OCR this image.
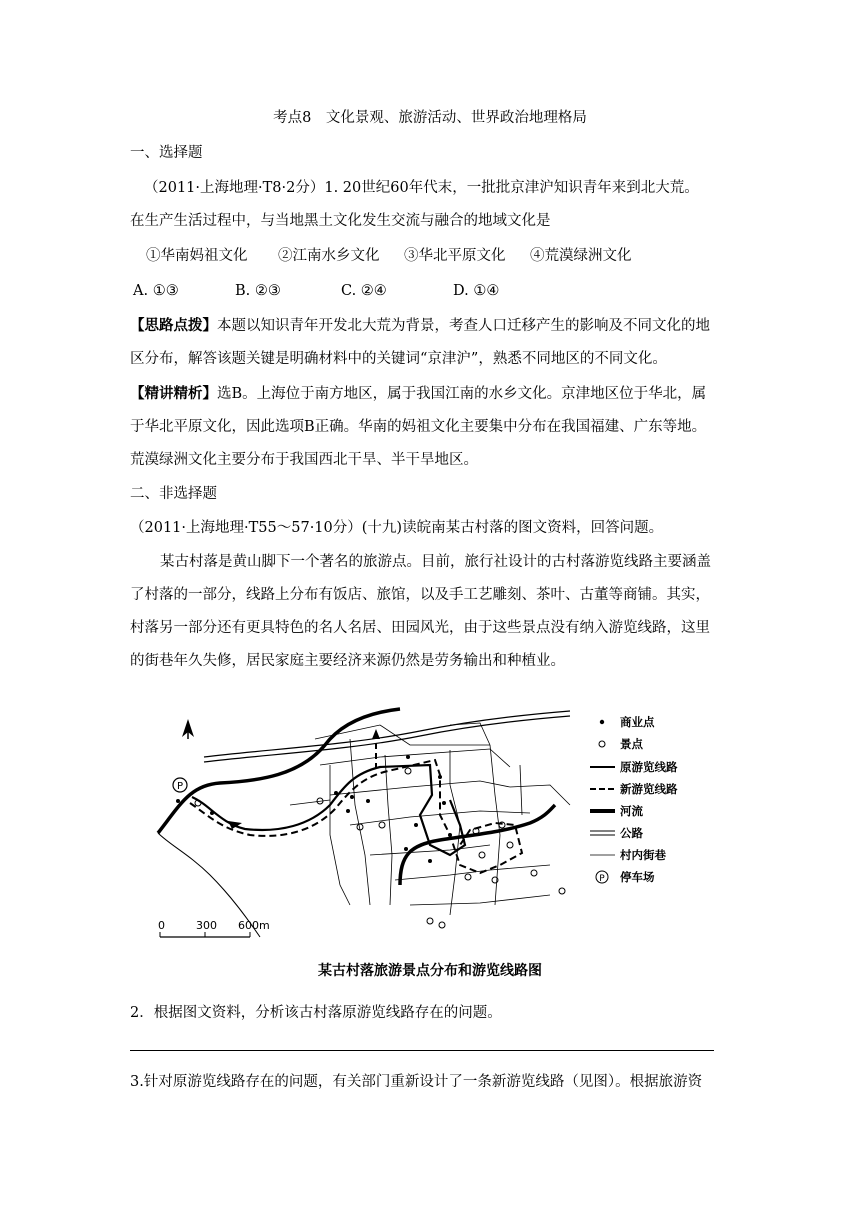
考点8　文化景观、旅游活动、世界政治地理格局
一、选择题
（2011·上海地理·T8·2分）1. 20世纪60年代末，一批批京津沪知识青年来到北大荒。
在生产生活过程中，与当地黑土文化发生交流与融合的地域文化是
①华南妈祖文化 ②江南水乡文化 ③华北平原文化 ④荒漠绿洲文化
A. ①③	B. ②③	C. ②④	D. ①④
【思路点拨】本题以知识青年开发北大荒为背景，考查人口迁移产生的影响及不同文化的地
区分布，解答该题关键是明确材料中的关键词“京津沪”，熟悉不同地区的不同文化。
【精讲精析】选B。上海位于南方地区，属于我国江南的水乡文化。京津地区位于华北，属
于华北平原文化，因此选项B正确。华南的妈祖文化主要集中分布在我国福建、广东等地。
荒漠绿洲文化主要分布于我国西北干旱、半干旱地区。
二、非选择题
（2011·上海地理·T55～57·10分）(十九)读皖南某古村落的图文资料，回答问题。
某古村落是黄山脚下一个著名的旅游点。目前，旅行社设计的古村落游览线路主要涵盖
了村落的一部分，线路上分布有饭店、旅馆，以及手工艺雕刻、茶叶、古董等商铺。其实，
村落另一部分还有更具特色的名人名居、田园风光，由于这些景点没有纳入游览线路，这里
的街巷年久失修，居民家庭主要经济来源仍然是劳务输出和种植业。
P
0	300 600m
商业点
景点
原游览线路
新游览线路
河流
公路
村内街巷
P 停车场
某古村落旅游景点分布和游览线路图
2．根据图文资料，分析该古村落原游览线路存在的问题。
3.针对原游览线路存在的问题，有关部门重新设计了一条新游览线路（见图）。根据旅游资
